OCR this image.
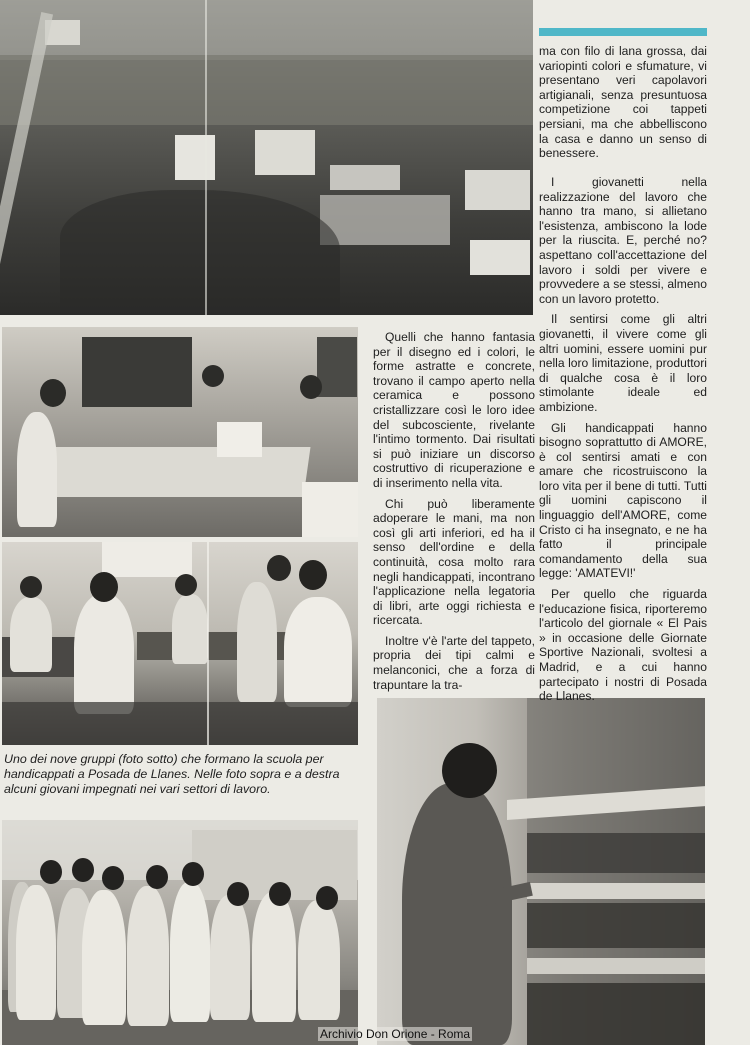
Uno dei nove gruppi (foto sotto) che formano la scuola per handicappati a Posada de Llanes. Nelle foto sopra e a destra alcuni giovani impegnati nei vari settori di lavoro.

ma con filo di lana grossa, dai variopinti colori e sfumature, vi presentano veri capolavori artigianali, senza presuntuosa competizione coi tappeti persiani, ma che abbelliscono la casa e danno un senso di benessere.

Quelli che hanno fantasia per il disegno ed i colori, le forme astratte e concrete, trovano il campo aperto nella ceramica e possono cristallizzare così le loro idee del subcosciente, rivelante l'intimo tormento. Dai risultati si può iniziare un discorso costruttivo di ricuperazione e di inserimento nella vita.

Chi può liberamente adoperare le mani, ma non così gli arti inferiori, ed ha il senso dell'ordine e della continuità, cosa molto rara negli handicappati, incontrano l'applicazione nella legatoria di libri, arte oggi richiesta e ricercata.

Inoltre v'è l'arte del tappeto, propria dei tipi calmi e melanconici, che a forza di trapuntare la tra-

I giovanetti nella realizzazione del lavoro che hanno tra mano, si allietano l'esistenza, ambiscono la lode per la riuscita. E, perché no? aspettano coll'accettazione del lavoro i soldi per vivere e provvedere a se stessi, almeno con un lavoro protetto.

Il sentirsi come gli altri giovanetti, il vivere come gli altri uomini, essere uomini pur nella loro limitazione, produttori di qualche cosa è il loro stimolante ideale ed ambizione.

Gli handicappati hanno bisogno soprattutto di AMORE, è col sentirsi amati e con amare che ricostruiscono la loro vita per il bene di tutti. Tutti gli uomini capiscono il linguaggio dell'AMORE, come Cristo ci ha insegnato, e ne ha fatto il principale comandamento della sua legge: 'AMATEVI!'

Per quello che riguarda l'educazione fisica, riporteremo l'articolo del giornale « El Pais » in occasione delle Giornate Sportive Nazionali, svoltesi a Madrid, e a cui hanno partecipato i nostri di Posada de Llanes.

Archivio Don Orione - Roma
